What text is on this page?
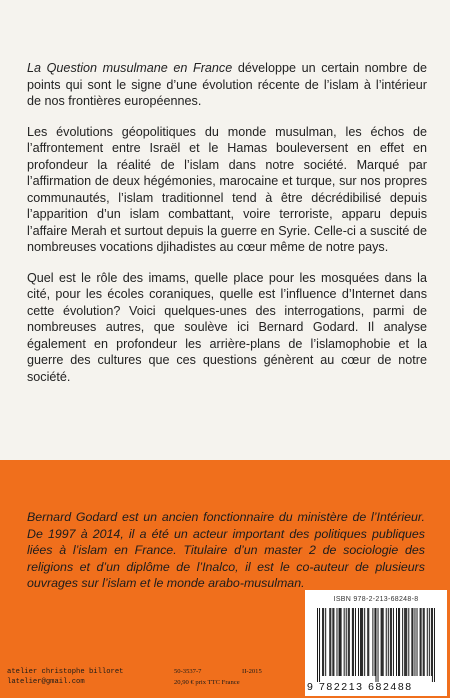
La Question musulmane en France développe un certain nombre de points qui sont le signe d’une évolution récente de l’islam à l’intérieur de nos frontières européennes.

Les évolutions géopolitiques du monde musulman, les échos de l’affrontement entre Israël et le Hamas bouleversent en effet en profondeur la réalité de l’islam dans notre société. Marqué par l’affirmation de deux hégémonies, marocaine et turque, sur nos propres communautés, l’islam traditionnel tend à être décrédibilisé depuis l’apparition d’un islam combattant, voire terroriste, apparu depuis l’affaire Merah et surtout depuis la guerre en Syrie. Celle-ci a suscité de nombreuses vocations djihadistes au cœur même de notre pays.

Quel est le rôle des imams, quelle place pour les mosquées dans la cité, pour les écoles coraniques, quelle est l’influence d’Internet dans cette évolution? Voici quelques-unes des interrogations, parmi de nombreuses autres, que soulève ici Bernard Godard. Il analyse également en profondeur les arrière-plans de l’islamophobie et la guerre des cultures que ces questions génèrent au cœur de notre société.

Bernard Godard est un ancien fonctionnaire du ministère de l’Intérieur. De 1997 à 2014, il a été un acteur important des politiques publiques liées à l’islam en France. Titulaire d’un master 2 de sociologie des religions et d’un diplôme de l’Inalco, il est le co-auteur de plusieurs ouvrages sur l’islam et le monde arabo-musulman.
atelier christophe billoret
latelier@gmail.com
50-3537-7	II-2015
20,90 € prix TTC France
ISBN 978-2-213-68248-8
9 782213 682488
